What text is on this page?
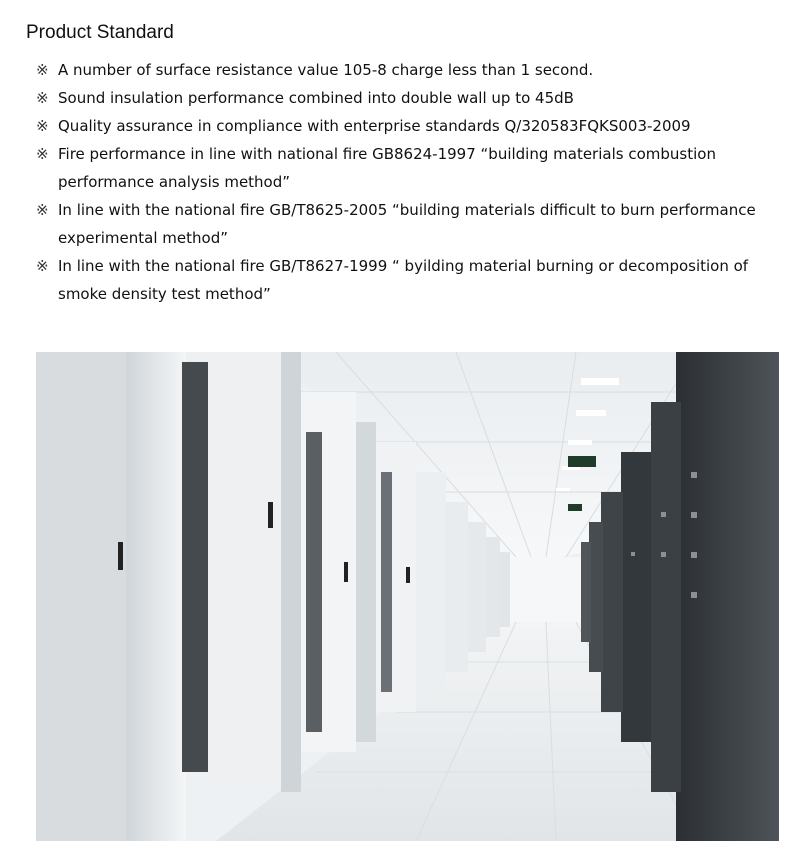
Product Standard
※ A number of surface resistance value 105-8 charge less than 1 second.
※ Sound insulation performance combined into double wall up to 45dB
※ Quality assurance in compliance with enterprise standards Q/320583FQKS003-2009
※ Fire performance in line with national fire GB8624-1997 “building materials combustion performance analysis method”
※ In line with the national fire GB/T8625-2005 “building materials difficult to burn performance experimental method”
※ In line with the national fire GB/T8627-1999 “ byilding material burning or decomposition of smoke density test method”
